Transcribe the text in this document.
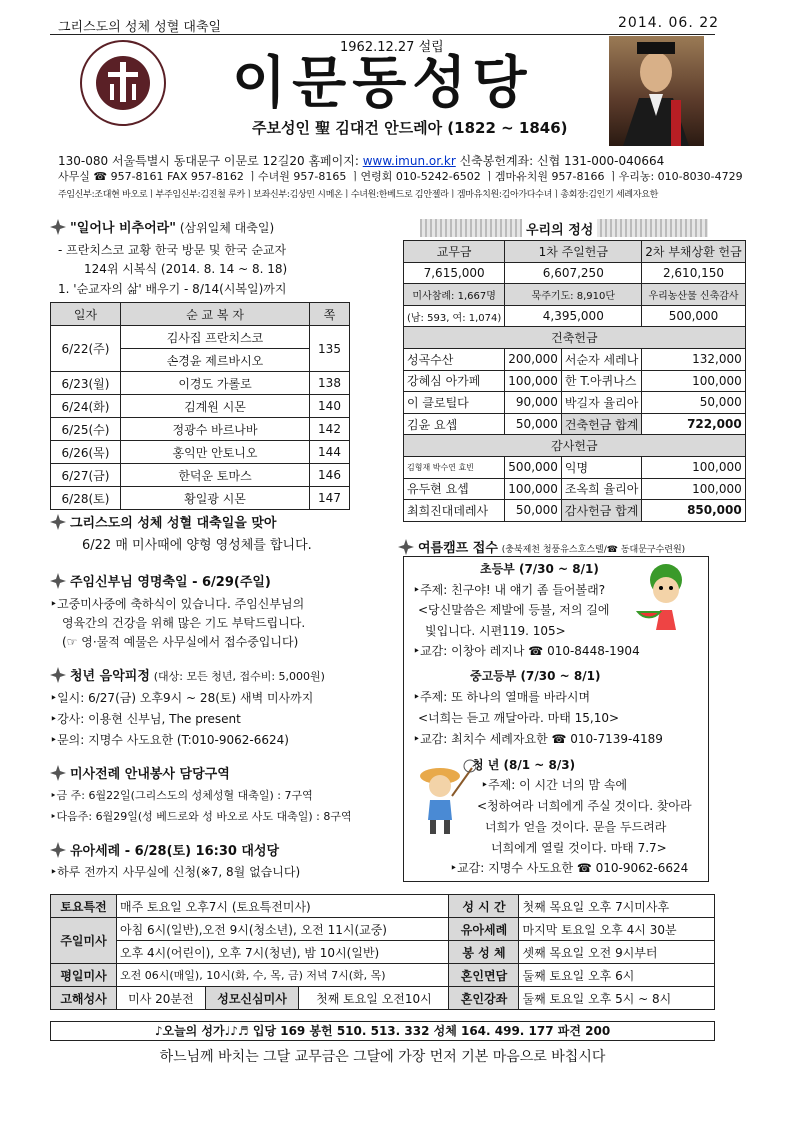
그리스도의 성체 성혈 대축일	2014. 06. 22
1962.12.27 설립
이문동성당
주보성인 聖 김대건 안드레아 (1822 ~ 1846)
130-080 서울특별시 동대문구 이문로 12길20 홈페이지: www.imun.or.kr 신축봉헌계좌: 신협 131-000-040664
사무실 ☎ 957-8161 FAX 957-8162 ㅣ수녀원 957-8165 ㅣ연령회 010-5242-6502 ㅣ겜마유치원 957-8166 ㅣ우리농: 010-8030-4729
주임신부:조대현 바오로ㅣ부주임신부:김진철 루카ㅣ보좌신부:김상민 시메온ㅣ수녀원:한베드로 김안젤라ㅣ겜마유치원:김아가다수녀ㅣ총회장:김인기 세례자요한
"일어나 비추어라" (삼위일체 대축일)
- 프란치스코 교황 한국 방문 및 한국 순교자
124위 시복식 (2014. 8. 14 ~ 8. 18)
1. '순교자의 삶' 배우기 - 8/14(시복일)까지
일자	순 교 복 자	쪽
6/22(주)	김사집 프란치스코	135
	손경윤 제르바시오	
6/23(월)	이경도 가롤로	138
6/24(화)	김계원 시몬	140
6/25(수)	정광수 바르나바	142
6/26(목)	홍익만 안토니오	144
6/27(금)	한덕운 토마스	146
6/28(토)	황일광 시몬	147
우리의 정성
교무금	1차 주일헌금		2차 부채상환 헌금
7,615,000	6,607,250		2,610,150
미사참례: 1,667명	묵주기도: 8,910단		우리농산물 신축감사
(남: 593, 여: 1,074)	4,395,000		500,000
건축헌금			
성곡수산	200,000	서순자 세레나	132,000
강혜심 아가페	100,000	한 T.아퀴나스	100,000
이 클로틸다	90,000	박길자 율리아	50,000
김윤 요셉	50,000	건축헌금 합계	722,000
감사헌금			
김형재 박수연 효빈	500,000	익명	100,000
유두현 요셉	100,000	조옥희 율리아	100,000
최희진대데레사	50,000	감사헌금 합계	850,000
그리스도의 성체 성혈 대축일을 맞아
6/22 매 미사때에 양형 영성체를 합니다.
주임신부님 영명축일 - 6/29(주일)
‣고중미사중에 축하식이 있습니다. 주임신부님의
영육간의 건강을 위해 많은 기도 부탁드립니다.
(☞ 영·물적 예물은 사무실에서 접수중입니다)
청년 음악피정 (대상: 모든 청년, 접수비: 5,000원)
‣일시: 6/27(금) 오후9시 ~ 28(토) 새벽 미사까지
‣강사: 이용현 신부님, The present
‣문의: 지명수 사도요한 (T:010-9062-6624)
미사전례 안내봉사 담당구역
‣금 주: 6월22일(그리스도의 성체성혈 대축일) : 7구역
‣다음주: 6월29일(성 베드로와 성 바오로 사도 대축일) : 8구역
유아세례 - 6/28(토) 16:30 대성당
‣하루 전까지 사무실에 신청(※7, 8월 없습니다)
여름캠프 접수 (충북제천 청풍유스호스텔/☎ 동대문구수련원)
초등부 (7/30 ~ 8/1)
‣주제: 친구야! 내 얘기 좀 들어볼래?
<당신말씀은 제발에 등불, 저의 길에
빛입니다. 시편119. 105>
‣교감: 이창아 레지나 ☎ 010-8448-1904
중고등부 (7/30 ~ 8/1)
‣주제: 또 하나의 열매를 바라시며
<너희는 듣고 깨달아라. 마태 15,10>
‣교감: 최치수 세례자요한 ☎ 010-7139-4189
청 년 (8/1 ~ 8/3)
‣주제: 이 시간 너의 맘 속에
<청하여라 너희에게 주실 것이다. 찾아라
너희가 얻을 것이다. 문을 두드려라
너희에게 열릴 것이다. 마태 7.7>
‣교감: 지명수 사도요한 ☎ 010-9062-6624
토요특전	매주 토요일 오후7시 (토요특전미사)			성 시 간	첫째 목요일 오후 7시미사후
주일미사	아침 6시(일반),오전 9시(청소년), 오전 11시(교중)			유아세례	마지막 토요일 오후 4시 30분
	오후 4시(어린이), 오후 7시(청년), 밤 10시(일반)			봉 성 체	셋째 목요일 오전 9시부터
평일미사	오전 06시(매일), 10시(화, 수, 목, 금) 저녁 7시(화, 목)			혼인면담	둘째 토요일 오후 6시
고해성사	미사 20분전	성모신심미사	첫째 토요일 오전10시	혼인강좌	둘째 토요일 오후 5시 ~ 8시
♪오늘의 성가♩♪♬ 입당 169 봉헌 510. 513. 332 성체 164. 499. 177 파견 200
하느님께 바치는 그달 교무금은 그달에 가장 먼저 기본 마음으로 바칩시다
